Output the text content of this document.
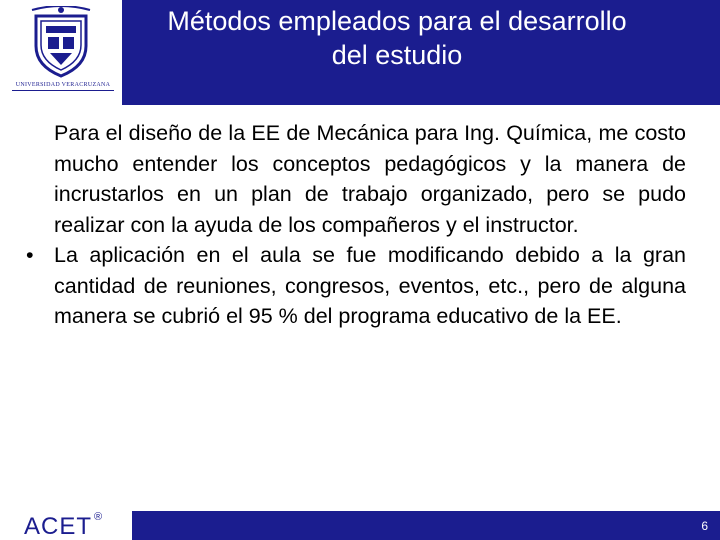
UNIVERSIDAD VERACRUZANA
Métodos empleados para el desarrollo
del estudio
Para el diseño de la EE de Mecánica para Ing. Química, me costo mucho entender los conceptos pedagógicos y la manera de incrustarlos en un plan de trabajo organizado, pero se pudo realizar con la ayuda de los compañeros y el instructor.
• La aplicación en el aula se fue modificando debido a la gran cantidad de reuniones, congresos, eventos, etc., pero de alguna manera se cubrió el 95 % del programa educativo de la EE.
ACET ®
6
